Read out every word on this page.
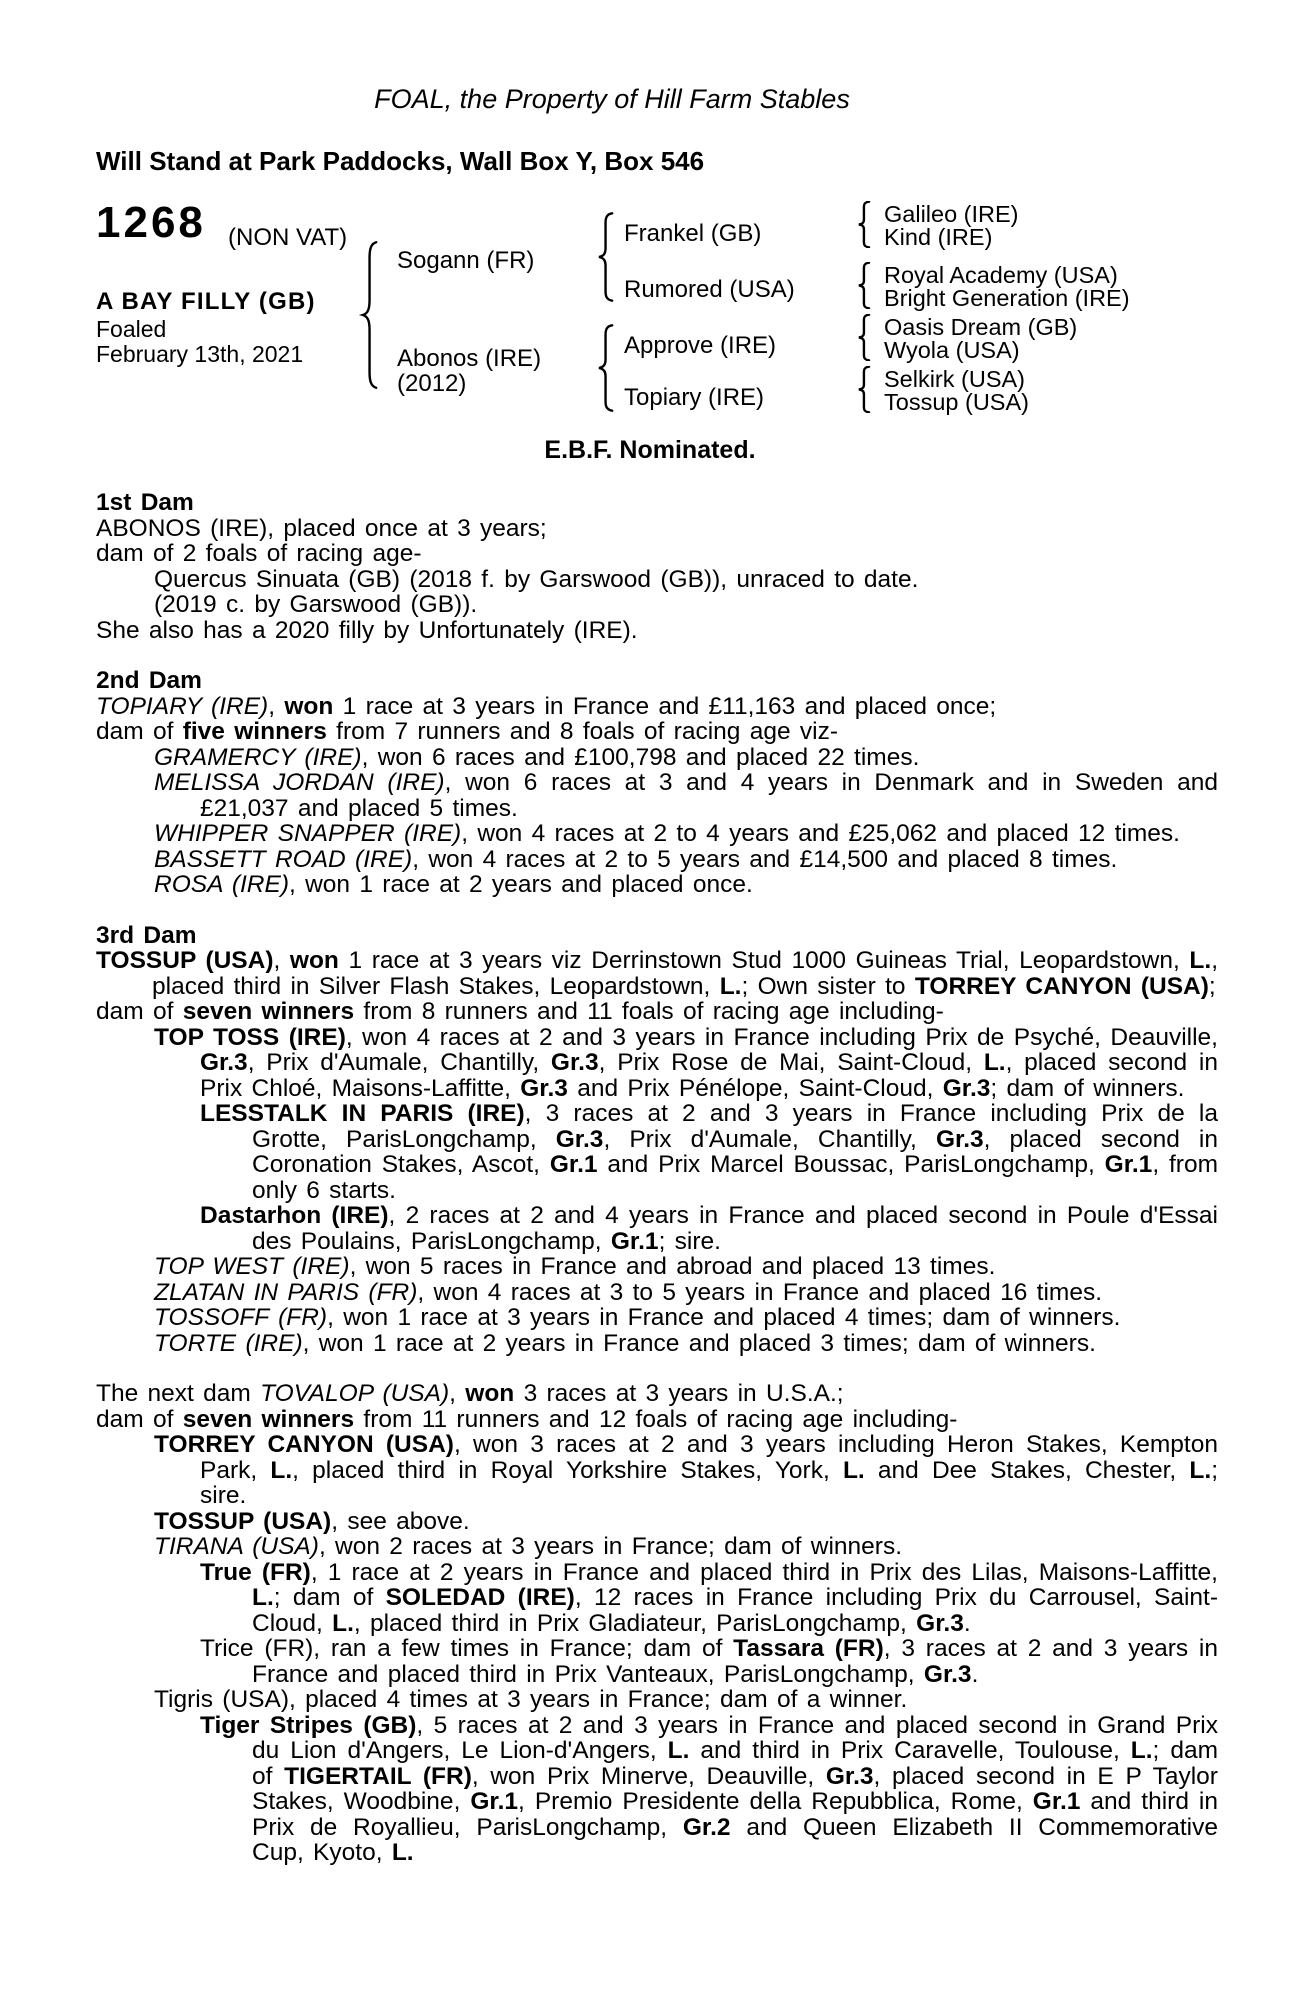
FOAL, the Property of Hill Farm Stables
Will Stand at Park Paddocks, Wall Box Y, Box 546
1268 (NON VAT)
A BAY FILLY (GB)
Foaled
February 13th, 2021
Sogann (FR)
Abonos (IRE)
(2012)
Frankel (GB)
Rumored (USA)
Approve (IRE)
Topiary (IRE)
Galileo (IRE)
Kind (IRE)
Royal Academy (USA)
Bright Generation (IRE)
Oasis Dream (GB)
Wyola (USA)
Selkirk (USA)
Tossup (USA)
E.B.F. Nominated.
1st Dam
ABONOS (IRE), placed once at 3 years;
dam of 2 foals of racing age-
Quercus Sinuata (GB) (2018 f. by Garswood (GB)), unraced to date.
(2019 c. by Garswood (GB)).
She also has a 2020 filly by Unfortunately (IRE).
2nd Dam
TOPIARY (IRE), won 1 race at 3 years in France and £11,163 and placed once;
dam of five winners from 7 runners and 8 foals of racing age viz-
GRAMERCY (IRE), won 6 races and £100,798 and placed 22 times.
MELISSA JORDAN (IRE), won 6 races at 3 and 4 years in Denmark and in Sweden and £21,037 and placed 5 times.
WHIPPER SNAPPER (IRE), won 4 races at 2 to 4 years and £25,062 and placed 12 times.
BASSETT ROAD (IRE), won 4 races at 2 to 5 years and £14,500 and placed 8 times.
ROSA (IRE), won 1 race at 2 years and placed once.
3rd Dam
TOSSUP (USA), won 1 race at 3 years viz Derrinstown Stud 1000 Guineas Trial, Leopardstown, L., placed third in Silver Flash Stakes, Leopardstown, L.; Own sister to TORREY CANYON (USA);
dam of seven winners from 8 runners and 11 foals of racing age including-
TOP TOSS (IRE), won 4 races at 2 and 3 years in France including Prix de Psyché, Deauville, Gr.3, Prix d'Aumale, Chantilly, Gr.3, Prix Rose de Mai, Saint-Cloud, L., placed second in Prix Chloé, Maisons-Laffitte, Gr.3 and Prix Pénélope, Saint-Cloud, Gr.3; dam of winners.
LESSTALK IN PARIS (IRE), 3 races at 2 and 3 years in France including Prix de la Grotte, ParisLongchamp, Gr.3, Prix d'Aumale, Chantilly, Gr.3, placed second in Coronation Stakes, Ascot, Gr.1 and Prix Marcel Boussac, ParisLongchamp, Gr.1, from only 6 starts.
Dastarhon (IRE), 2 races at 2 and 4 years in France and placed second in Poule d'Essai des Poulains, ParisLongchamp, Gr.1; sire.
TOP WEST (IRE), won 5 races in France and abroad and placed 13 times.
ZLATAN IN PARIS (FR), won 4 races at 3 to 5 years in France and placed 16 times.
TOSSOFF (FR), won 1 race at 3 years in France and placed 4 times; dam of winners.
TORTE (IRE), won 1 race at 2 years in France and placed 3 times; dam of winners.
The next dam TOVALOP (USA), won 3 races at 3 years in U.S.A.;
dam of seven winners from 11 runners and 12 foals of racing age including-
TORREY CANYON (USA), won 3 races at 2 and 3 years including Heron Stakes, Kempton Park, L., placed third in Royal Yorkshire Stakes, York, L. and Dee Stakes, Chester, L.; sire.
TOSSUP (USA), see above.
TIRANA (USA), won 2 races at 3 years in France; dam of winners.
True (FR), 1 race at 2 years in France and placed third in Prix des Lilas, Maisons-Laffitte, L.; dam of SOLEDAD (IRE), 12 races in France including Prix du Carrousel, Saint-Cloud, L., placed third in Prix Gladiateur, ParisLongchamp, Gr.3.
Trice (FR), ran a few times in France; dam of Tassara (FR), 3 races at 2 and 3 years in France and placed third in Prix Vanteaux, ParisLongchamp, Gr.3.
Tigris (USA), placed 4 times at 3 years in France; dam of a winner.
Tiger Stripes (GB), 5 races at 2 and 3 years in France and placed second in Grand Prix du Lion d'Angers, Le Lion-d'Angers, L. and third in Prix Caravelle, Toulouse, L.; dam of TIGERTAIL (FR), won Prix Minerve, Deauville, Gr.3, placed second in E P Taylor Stakes, Woodbine, Gr.1, Premio Presidente della Repubblica, Rome, Gr.1 and third in Prix de Royallieu, ParisLongchamp, Gr.2 and Queen Elizabeth II Commemorative Cup, Kyoto, L.
